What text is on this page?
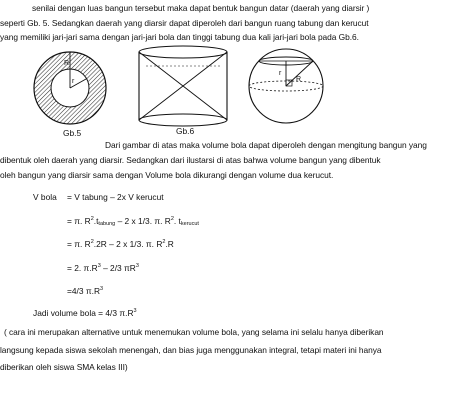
senilai dengan luas bangun tersebut maka dapat bentuk bangun datar (daerah yang diarsir )
seperti Gb. 5. Sedangkan daerah yang diarsir dapat diperoleh dari bangun ruang tabung dan kerucut
yang memiliki jari-jari sama dengan jari-jari bola dan tinggi tabung dua kali jari-jari bola pada Gb.6.
R
r
Gb.5	Gb.6
r
R
Dari gambar di atas maka volume bola dapat diperoleh dengan mengitung bangun yang
dibentuk oleh daerah yang diarsir. Sedangkan dari ilustarsi di atas bahwa volume bangun yang dibentuk
oleh bangun yang diarsir sama dengan Volume bola dikurangi dengan volume dua kerucut.
V bola = V tabung – 2x V kerucut
= π. $R^2.t_{tabung} - 2$ x 1/3. π. $R^2$. $t_{kerucut}$
= π. $R^2.2R - 2$ x 1/3. π. $R^2.R$
= 2. $\pi.R^3 - 2/3$ $\pi R^3$
=4/3 $\pi.R^3$
Jadi volume bola = 4/3 $\pi.R^3$
( cara ini merupakan alternative untuk menemukan volume bola, yang selama ini selalu hanya diberikan
langsung kepada siswa sekolah menengah, dan bias juga menggunakan integral, tetapi materi ini hanya
diberikan oleh siswa SMA kelas III)
